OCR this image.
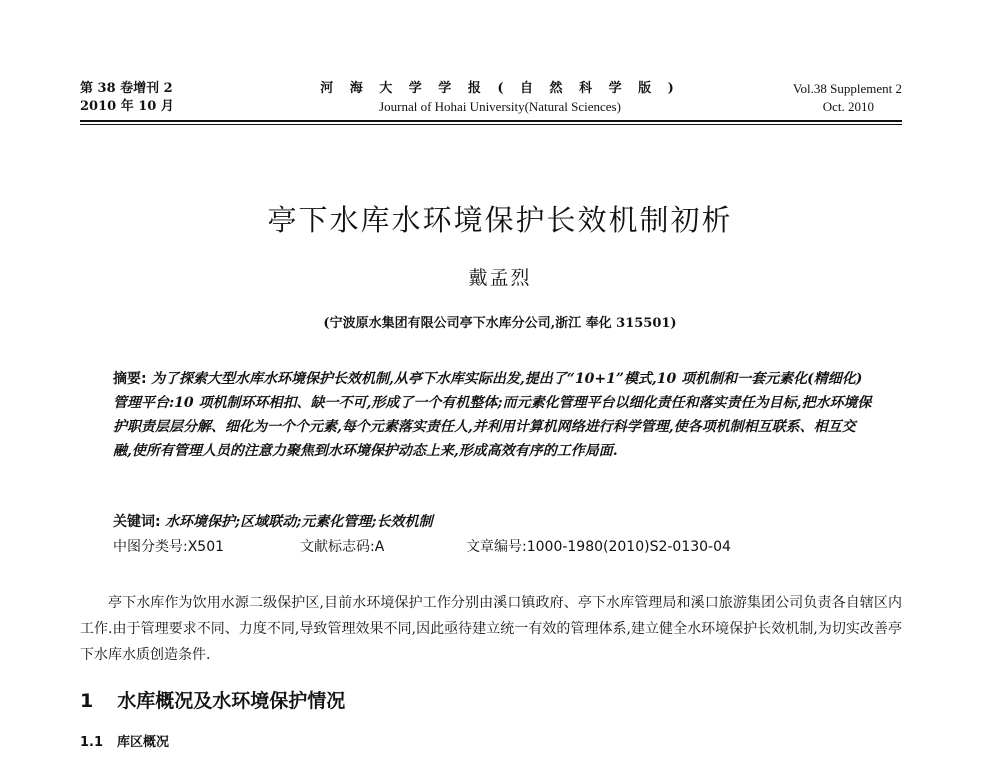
第 38 卷增刊 2
2010 年 10 月
河 海 大 学 学 报 ( 自 然 科 学 版 )
Journal of Hohai University(Natural Sciences)
Vol.38 Supplement 2
Oct. 2010
亭下水库水环境保护长效机制初析
戴孟烈
(宁波原水集团有限公司亭下水库分公司,浙江 奉化 315501)
摘要: 为了探索大型水库水环境保护长效机制,从亭下水库实际出发,提出了“10+1”模式,10 项机制和一套元素化(精细化)管理平台:10 项机制环环相扣、缺一不可,形成了一个有机整体;而元素化管理平台以细化责任和落实责任为目标,把水环境保护职责层层分解、细化为一个个元素,每个元素落实责任人,并利用计算机网络进行科学管理,使各项机制相互联系、相互交融,使所有管理人员的注意力聚焦到水环境保护动态上来,形成高效有序的工作局面.
关键词: 水环境保护;区域联动;元素化管理;长效机制
中图分类号:X501	文献标志码:A	文章编号:1000-1980(2010)S2-0130-04
亭下水库作为饮用水源二级保护区,目前水环境保护工作分别由溪口镇政府、亭下水库管理局和溪口旅游集团公司负责各自辖区内工作.由于管理要求不同、力度不同,导致管理效果不同,因此亟待建立统一有效的管理体系,建立健全水环境保护长效机制,为切实改善亭下水库水质创造条件.
1 水库概况及水环境保护情况
1.1 库区概况
